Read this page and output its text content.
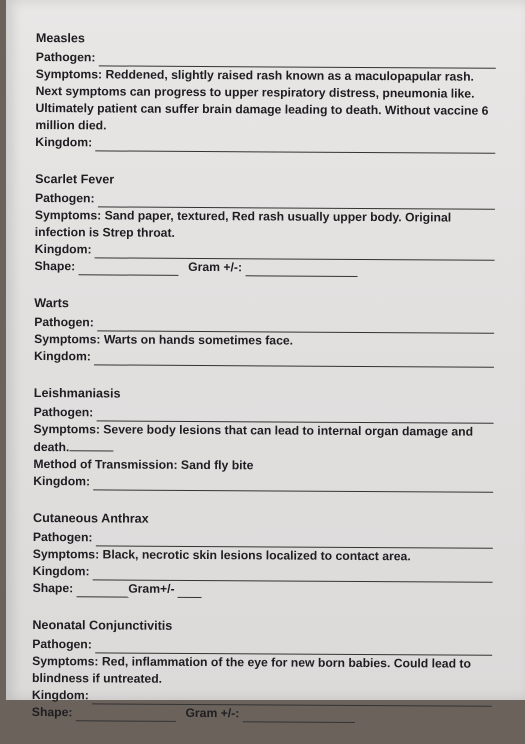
Measles
Pathogen:
Symptoms: Reddened, slightly raised rash known as a maculopapular rash. Next symptoms can progress to upper respiratory distress, pneumonia like. Ultimately patient can suffer brain damage leading to death. Without vaccine 6 million died.
Kingdom:
Scarlet Fever
Pathogen:
Symptoms: Sand paper, textured, Red rash usually upper body. Original infection is Strep throat.
Kingdom:
Shape:	Gram +/-:
Warts
Pathogen:
Symptoms: Warts on hands sometimes face.
Kingdom:
Leishmaniasis
Pathogen:
Symptoms: Severe body lesions that can lead to internal organ damage and death.
Method of Transmission: Sand fly bite
Kingdom:
Cutaneous Anthrax
Pathogen:
Symptoms: Black, necrotic skin lesions localized to contact area.
Kingdom:
Shape:	Gram+/-
Neonatal Conjunctivitis
Pathogen:
Symptoms: Red, inflammation of the eye for new born babies. Could lead to blindness if untreated.
Kingdom:
Shape:	Gram +/-:
